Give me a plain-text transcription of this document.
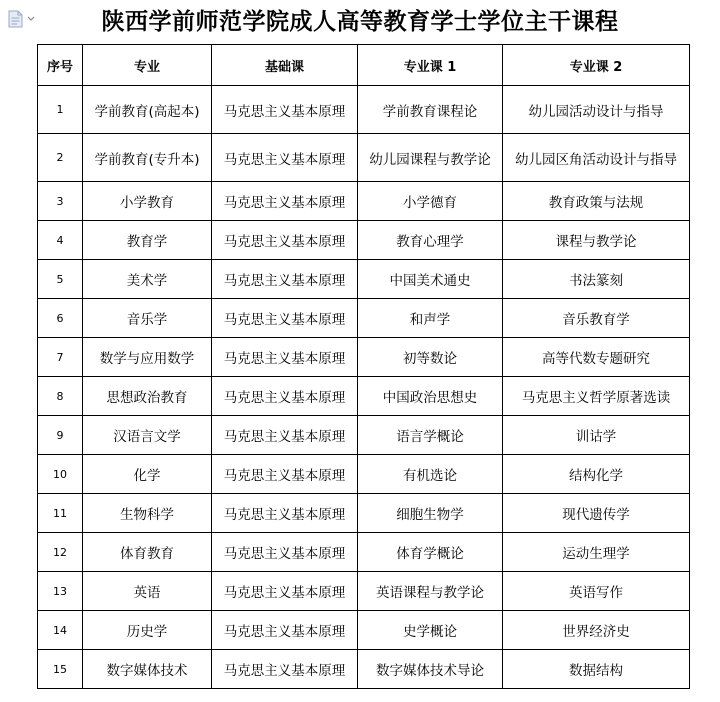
陕西学前师范学院成人高等教育学士学位主干课程
序号	专业	基础课	专业课 1	专业课 2
1	学前教育(高起本)	马克思主义基本原理	学前教育课程论	幼儿园活动设计与指导
2	学前教育(专升本)	马克思主义基本原理	幼儿园课程与教学论	幼儿园区角活动设计与指导
3	小学教育	马克思主义基本原理	小学德育	教育政策与法规
4	教育学	马克思主义基本原理	教育心理学	课程与教学论
5	美术学	马克思主义基本原理	中国美术通史	书法篆刻
6	音乐学	马克思主义基本原理	和声学	音乐教育学
7	数学与应用数学	马克思主义基本原理	初等数论	高等代数专题研究
8	思想政治教育	马克思主义基本原理	中国政治思想史	马克思主义哲学原著选读
9	汉语言文学	马克思主义基本原理	语言学概论	训诂学
10	化学	马克思主义基本原理	有机选论	结构化学
11	生物科学	马克思主义基本原理	细胞生物学	现代遗传学
12	体育教育	马克思主义基本原理	体育学概论	运动生理学
13	英语	马克思主义基本原理	英语课程与教学论	英语写作
14	历史学	马克思主义基本原理	史学概论	世界经济史
15	数字媒体技术	马克思主义基本原理	数字媒体技术导论	数据结构
